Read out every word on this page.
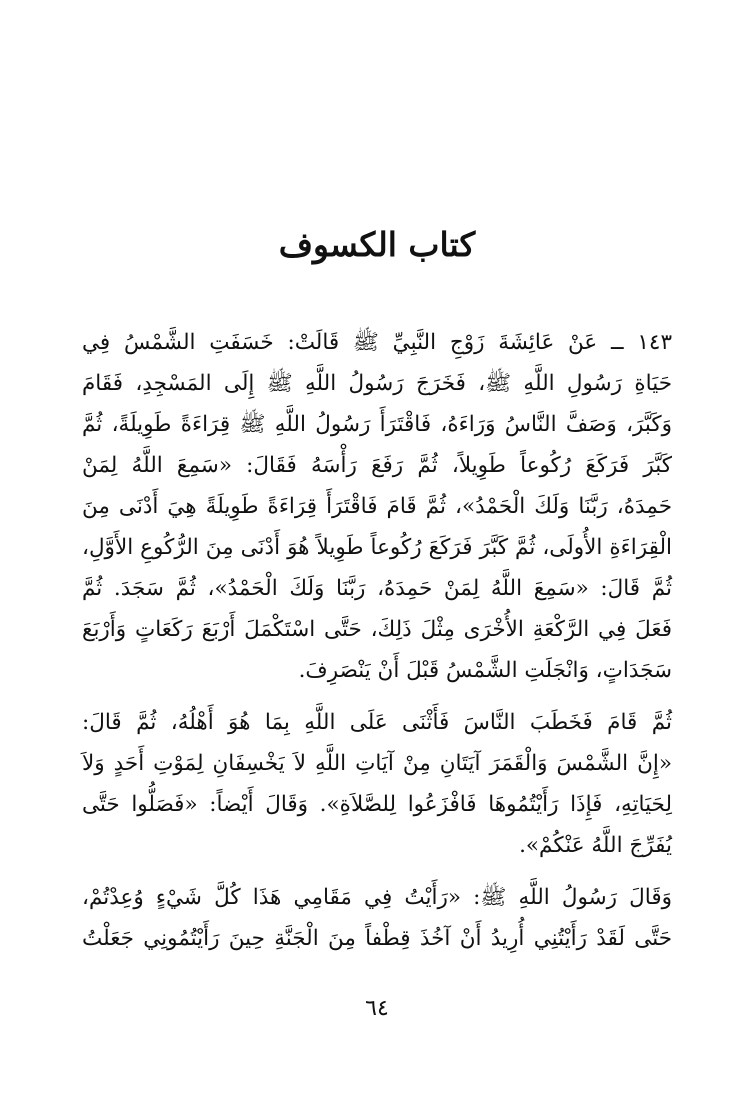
كتاب الكسوف
١٤٣ ــ عَنْ عَائِشَةَ زَوْجِ النَّبِيِّ ﷺ قَالَتْ: خَسَفَتِ الشَّمْسُ فِي
حَيَاةِ رَسُولِ اللَّهِ ﷺ، فَخَرَجَ رَسُولُ اللَّهِ ﷺ إِلَى المَسْجِدِ، فَقَامَ
وَكَبَّرَ، وَصَفَّ النَّاسُ وَرَاءَهُ، فَاقْتَرَأَ رَسُولُ اللَّهِ ﷺ قِرَاءَةً طَوِيلَةً، ثُمَّ
كَبَّرَ فَرَكَعَ رُكُوعاً طَوِيلاً، ثُمَّ رَفَعَ رَأْسَهُ فَقَالَ: «سَمِعَ اللَّهُ لِمَنْ
حَمِدَهُ، رَبَّنَا وَلَكَ الْحَمْدُ»، ثُمَّ قَامَ فَاقْتَرَأَ قِرَاءَةً طَوِيلَةً هِيَ أَدْنَى مِنَ
الْقِرَاءَةِ الأُولَى، ثُمَّ كَبَّرَ فَرَكَعَ رُكُوعاً طَوِيلاً هُوَ أَدْنَى مِنَ الرُّكُوعِ الأَوَّلِ،
ثُمَّ قَالَ: «سَمِعَ اللَّهُ لِمَنْ حَمِدَهُ، رَبَّنَا وَلَكَ الْحَمْدُ»، ثُمَّ سَجَدَ. ثُمَّ
فَعَلَ فِي الرَّكْعَةِ الأُخْرَى مِثْلَ ذَلِكَ، حَتَّى اسْتَكْمَلَ أَرْبَعَ رَكَعَاتٍ وَأَرْبَعَ
سَجَدَاتٍ، وَانْجَلَتِ الشَّمْسُ قَبْلَ أَنْ يَنْصَرِفَ.
ثُمَّ قَامَ فَخَطَبَ النَّاسَ فَأَثْنَى عَلَى اللَّهِ بِمَا هُوَ أَهْلُهُ، ثُمَّ قَالَ:
«إِنَّ الشَّمْسَ وَالْقَمَرَ آيَتَانِ مِنْ آيَاتِ اللَّهِ لاَ يَخْسِفَانِ لِمَوْتِ أَحَدٍ وَلاَ
لِحَيَاتِهِ، فَإِذَا رَأَيْتُمُوهَا فَافْزَعُوا لِلصَّلاَةِ». وَقَالَ أَيْضاً: «فَصَلُّوا حَتَّى
يُفَرِّجَ اللَّهُ عَنْكُمْ».
وَقَالَ رَسُولُ اللَّهِ ﷺ: «رَأَيْتُ فِي مَقَامِي هَذَا كُلَّ شَيْءٍ وُعِدْتُمْ،
حَتَّى لَقَدْ رَأَيْتُنِي أُرِيدُ أَنْ آخُذَ قِطْفاً مِنَ الْجَنَّةِ حِينَ رَأَيْتُمُونِي جَعَلْتُ
٦٤
